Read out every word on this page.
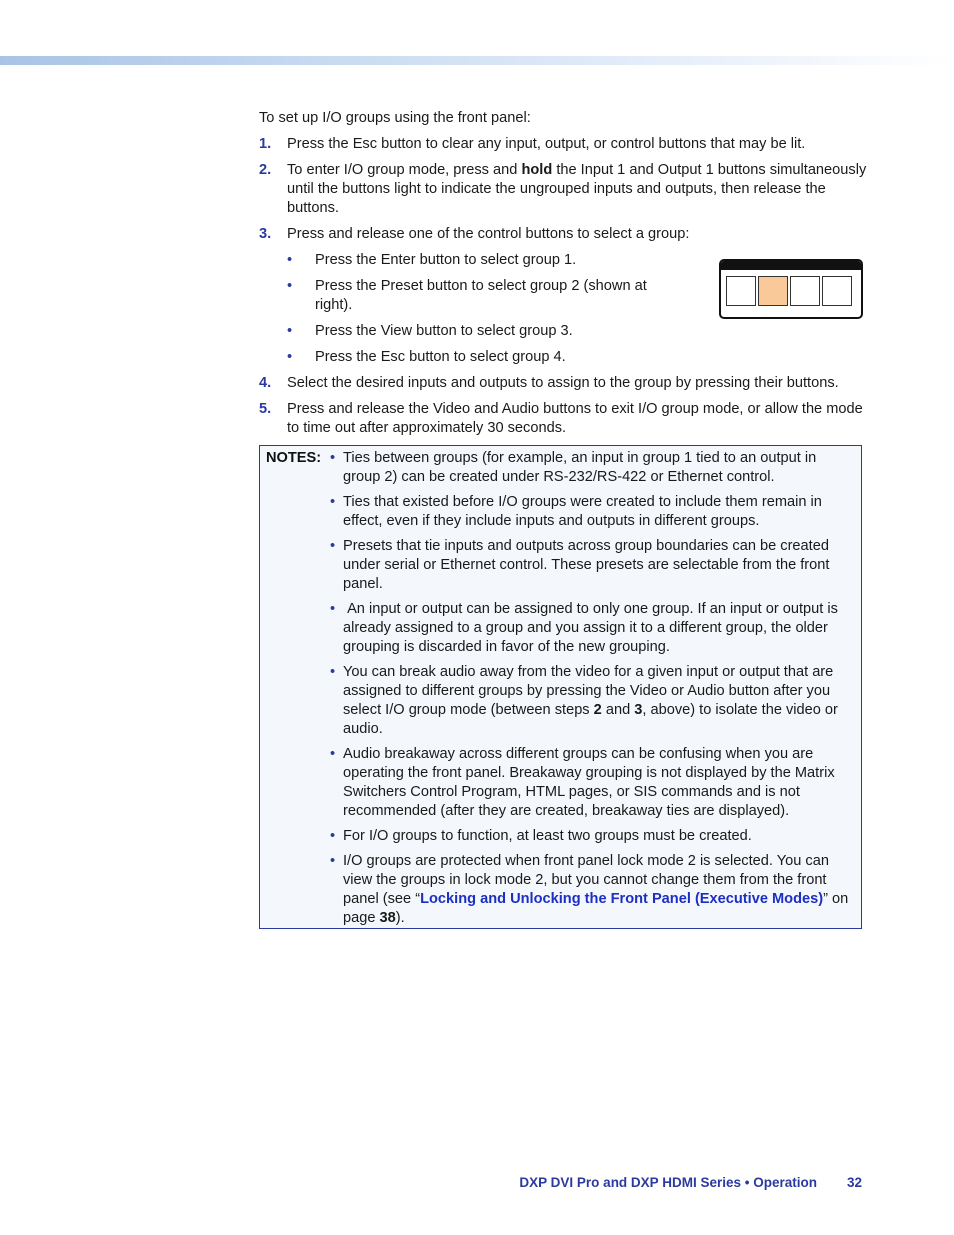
To set up I/O groups using the front panel:

1. Press the Esc button to clear any input, output, or control buttons that may be lit.
2. To enter I/O group mode, press and hold the Input 1 and Output 1 buttons simultaneously until the buttons light to indicate the ungrouped inputs and outputs, then release the buttons.
3. Press and release one of the control buttons to select a group:
• Press the Enter button to select group 1.
• Press the Preset button to select group 2 (shown at right).
• Press the View button to select group 3.
• Press the Esc button to select group 4.
4. Select the desired inputs and outputs to assign to the group by pressing their buttons.
5. Press and release the Video and Audio buttons to exit I/O group mode, or allow the mode to time out after approximately 30 seconds.
NOTES: • Ties between groups (for example, an input in group 1 tied to an output in group 2) can be created under RS-232/RS-422 or Ethernet control.
• Ties that existed before I/O groups were created to include them remain in effect, even if they include inputs and outputs in different groups.
• Presets that tie inputs and outputs across group boundaries can be created under serial or Ethernet control. These presets are selectable from the front panel.
• An input or output can be assigned to only one group. If an input or output is already assigned to a group and you assign it to a different group, the older grouping is discarded in favor of the new grouping.
• You can break audio away from the video for a given input or output that are assigned to different groups by pressing the Video or Audio button after you select I/O group mode (between steps 2 and 3, above) to isolate the video or audio.
• Audio breakaway across different groups can be confusing when you are operating the front panel. Breakaway grouping is not displayed by the Matrix Switchers Control Program, HTML pages, or SIS commands and is not recommended (after they are created, breakaway ties are displayed).
• For I/O groups to function, at least two groups must be created.
• I/O groups are protected when front panel lock mode 2 is selected. You can view the groups in lock mode 2, but you cannot change them from the front panel (see “Locking and Unlocking the Front Panel (Executive Modes)” on page 38).
DXP DVI Pro and DXP HDMI Series • Operation 32
